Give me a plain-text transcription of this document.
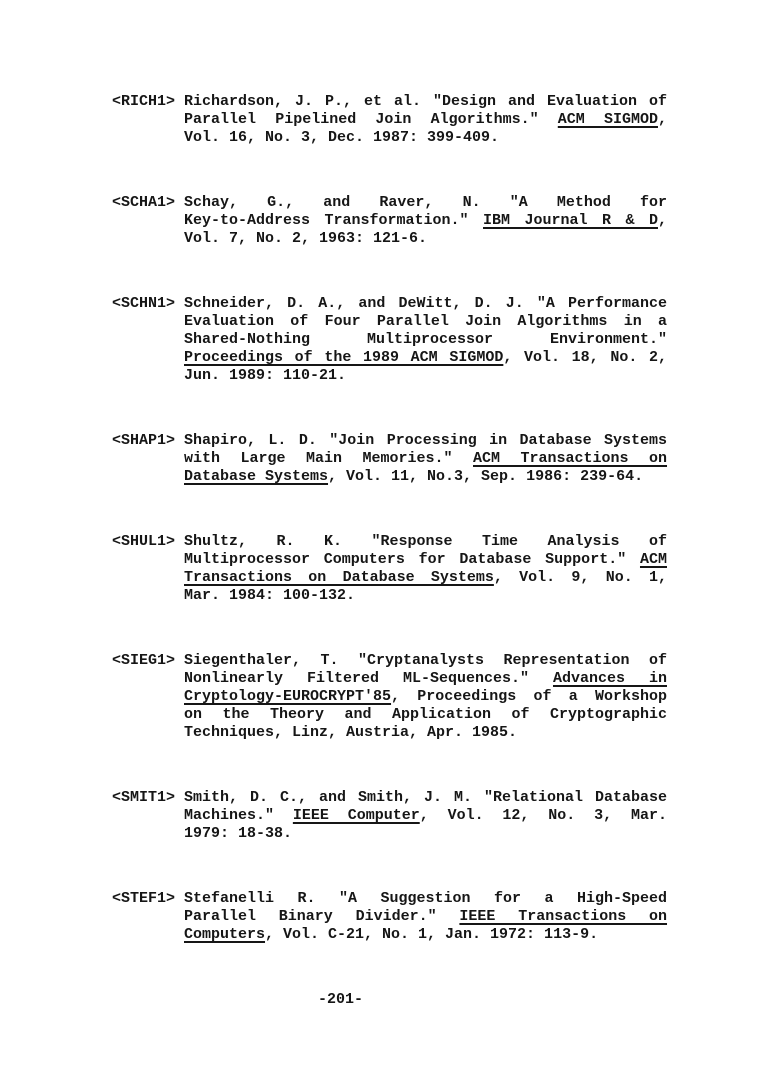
<RICH1> Richardson, J. P., et al. "Design and Evaluation of
Parallel Pipelined Join Algorithms." ACM SIGMOD,
Vol. 16, No. 3, Dec. 1987: 399-409.
<SCHA1> Schay, G., and Raver, N. "A Method for
Key-to-Address Transformation." IBM Journal R & D,
Vol. 7, No. 2, 1963: 121-6.
<SCHN1> Schneider, D. A., and DeWitt, D. J. "A Performance
Evaluation of Four Parallel Join Algorithms in a
Shared-Nothing Multiprocessor Environment."
Proceedings of the 1989 ACM SIGMOD, Vol. 18, No. 2,
Jun. 1989: 110-21.
<SHAP1> Shapiro, L. D. "Join Processing in Database Systems
with Large Main Memories." ACM Transactions on
Database Systems, Vol. 11, No.3, Sep. 1986: 239-64.
<SHUL1> Shultz, R. K. "Response Time Analysis of
Multiprocessor Computers for Database Support." ACM
Transactions on Database Systems, Vol. 9, No. 1,
Mar. 1984: 100-132.
<SIEG1> Siegenthaler, T. "Cryptanalysts Representation of
Nonlinearly Filtered ML-Sequences." Advances in
Cryptology-EUROCRYPT'85, Proceedings of a Workshop
on the Theory and Application of Cryptographic
Techniques, Linz, Austria, Apr. 1985.
<SMIT1> Smith, D. C., and Smith, J. M. "Relational Database
Machines." IEEE Computer, Vol. 12, No. 3, Mar.
1979: 18-38.
<STEF1> Stefanelli R. "A Suggestion for a High-Speed
Parallel Binary Divider." IEEE Transactions on
Computers, Vol. C-21, No. 1, Jan. 1972: 113-9.
-201-
